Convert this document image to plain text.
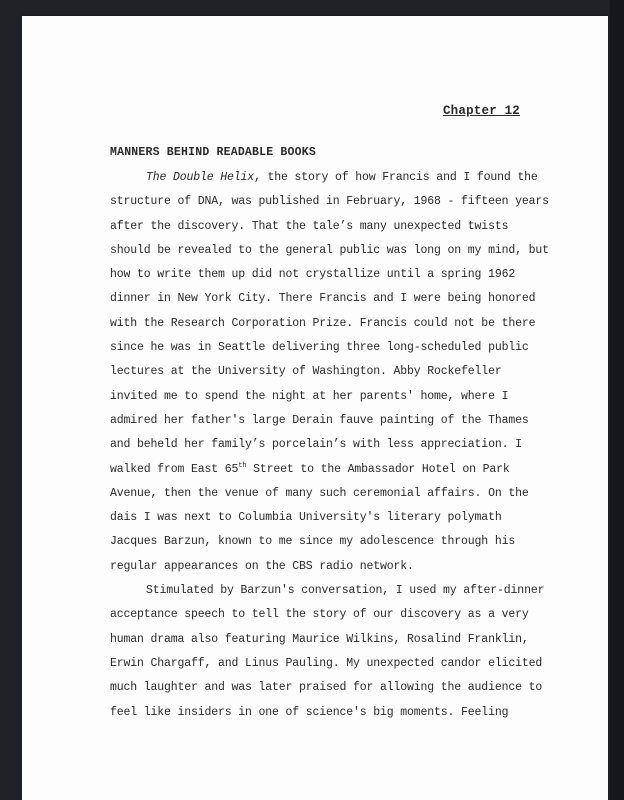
Chapter 12
MANNERS BEHIND READABLE BOOKS
The Double Helix, the story of how Francis and I found the
structure of DNA, was published in February, 1968 - fifteen years
after the discovery. That the tale’s many unexpected twists
should be revealed to the general public was long on my mind, but
how to write them up did not crystallize until a spring 1962
dinner in New York City. There Francis and I were being honored
with the Research Corporation Prize. Francis could not be there
since he was in Seattle delivering three long-scheduled public
lectures at the University of Washington. Abby Rockefeller
invited me to spend the night at her parents' home, where I
admired her father's large Derain fauve painting of the Thames
and beheld her family’s porcelain’s with less appreciation. I
walked from East 65th Street to the Ambassador Hotel on Park
Avenue, then the venue of many such ceremonial affairs. On the
dais I was next to Columbia University's literary polymath
Jacques Barzun, known to me since my adolescence through his
regular appearances on the CBS radio network.
Stimulated by Barzun's conversation, I used my after-dinner
acceptance speech to tell the story of our discovery as a very
human drama also featuring Maurice Wilkins, Rosalind Franklin,
Erwin Chargaff, and Linus Pauling. My unexpected candor elicited
much laughter and was later praised for allowing the audience to
feel like insiders in one of science's big moments. Feeling
